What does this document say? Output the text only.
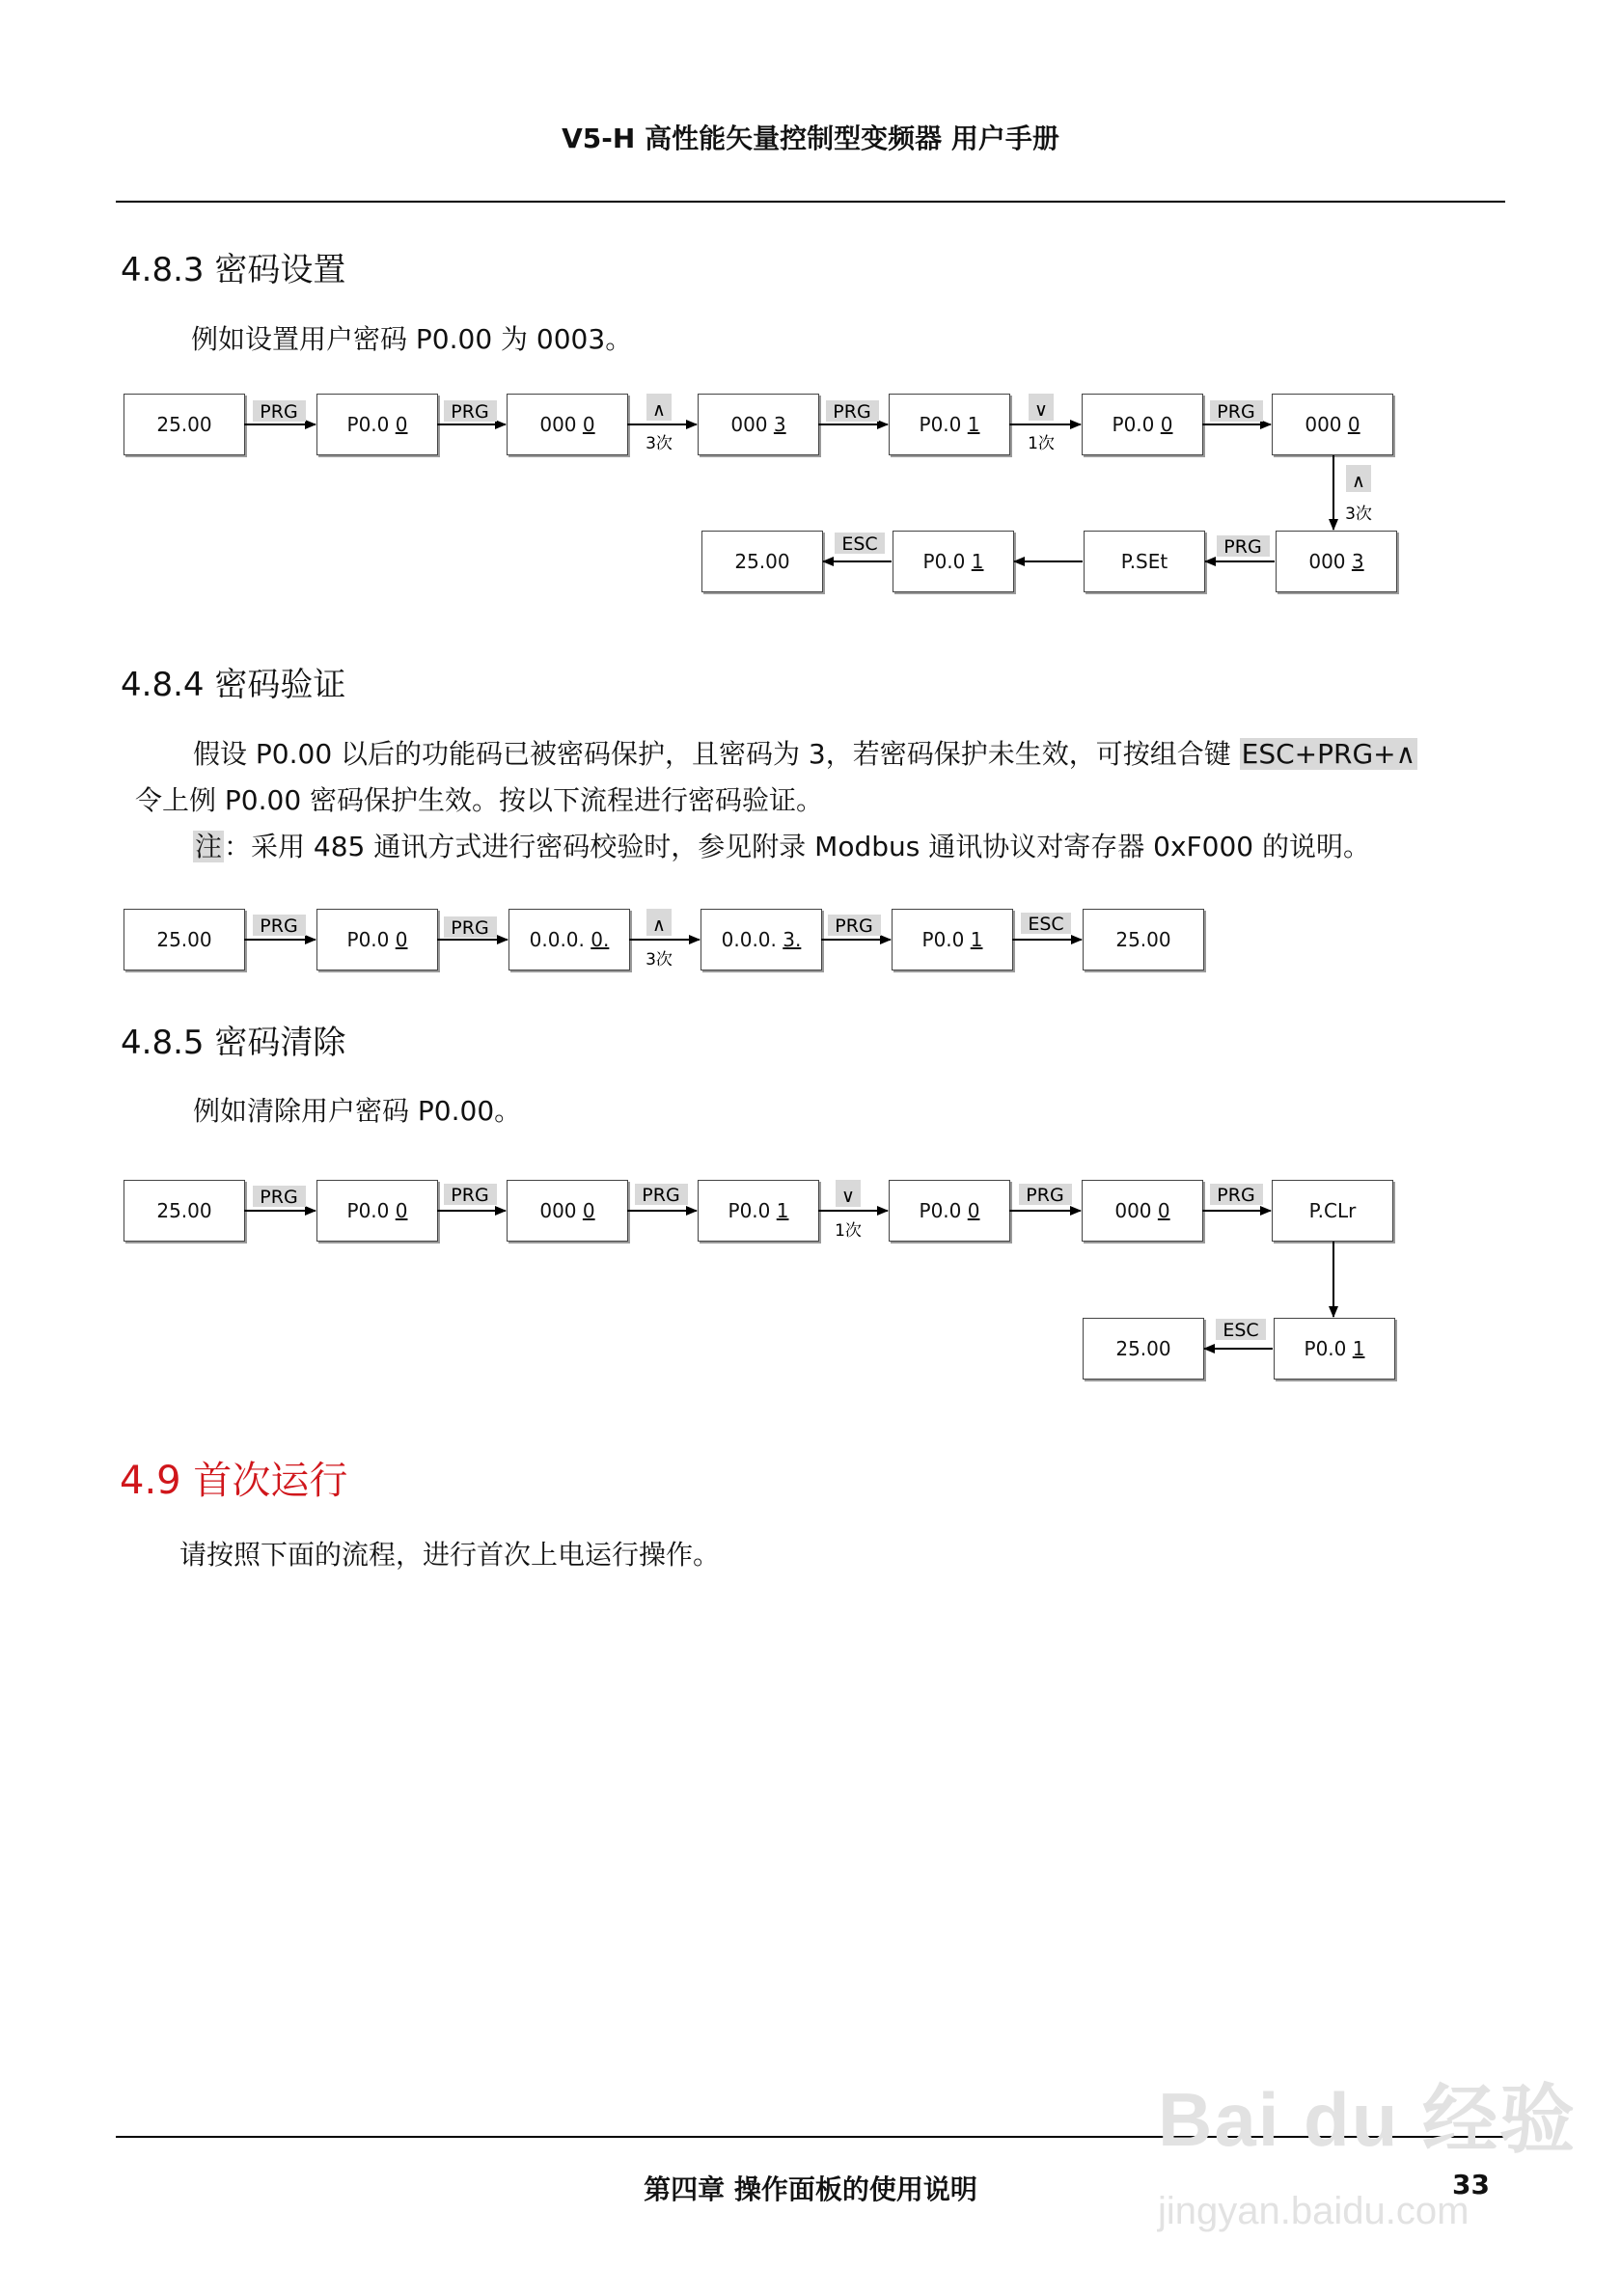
V5-H 高性能矢量控制型变频器 用户手册
4.8.3 密码设置
例如设置用户密码 P0.00 为 0003。
25.00	P0.0 0	000 0	000 3	P0.0 1	P0.0 0	000 0
000 3
P.SEt
P0.0 1
25.00
PRG	PRG	∧
3次
PRG	∨
1次
PRG
∧
3次
PRG
ESC
4.8.4 密码验证
假设 P0.00 以后的功能码已被密码保护，且密码为 3，若密码保护未生效，可按组合键 ESC+PRG+∧
令上例 P0.00 密码保护生效。按以下流程进行密码验证。
注：采用 485 通讯方式进行密码校验时，参见附录 Modbus 通讯协议对寄存器 0xF000 的说明。
25.00	P0.0 0	0.0.0. 0.	0.0.0. 3.	P0.0 1	25.00
PRG	PRG	∧
3次
PRG	ESC
4.8.5 密码清除
例如清除用户密码 P0.00。
25.00	P0.0 0	000 0	P0.0 1	P0.0 0	000 0	P.CLr
P0.0 1
25.00
PRG	PRG	PRG	∨
1次
PRG	PRG
ESC
4.9 首次运行
请按照下面的流程，进行首次上电运行操作。
Bai du 经验
jingyan.baidu.com
第四章 操作面板的使用说明	33
